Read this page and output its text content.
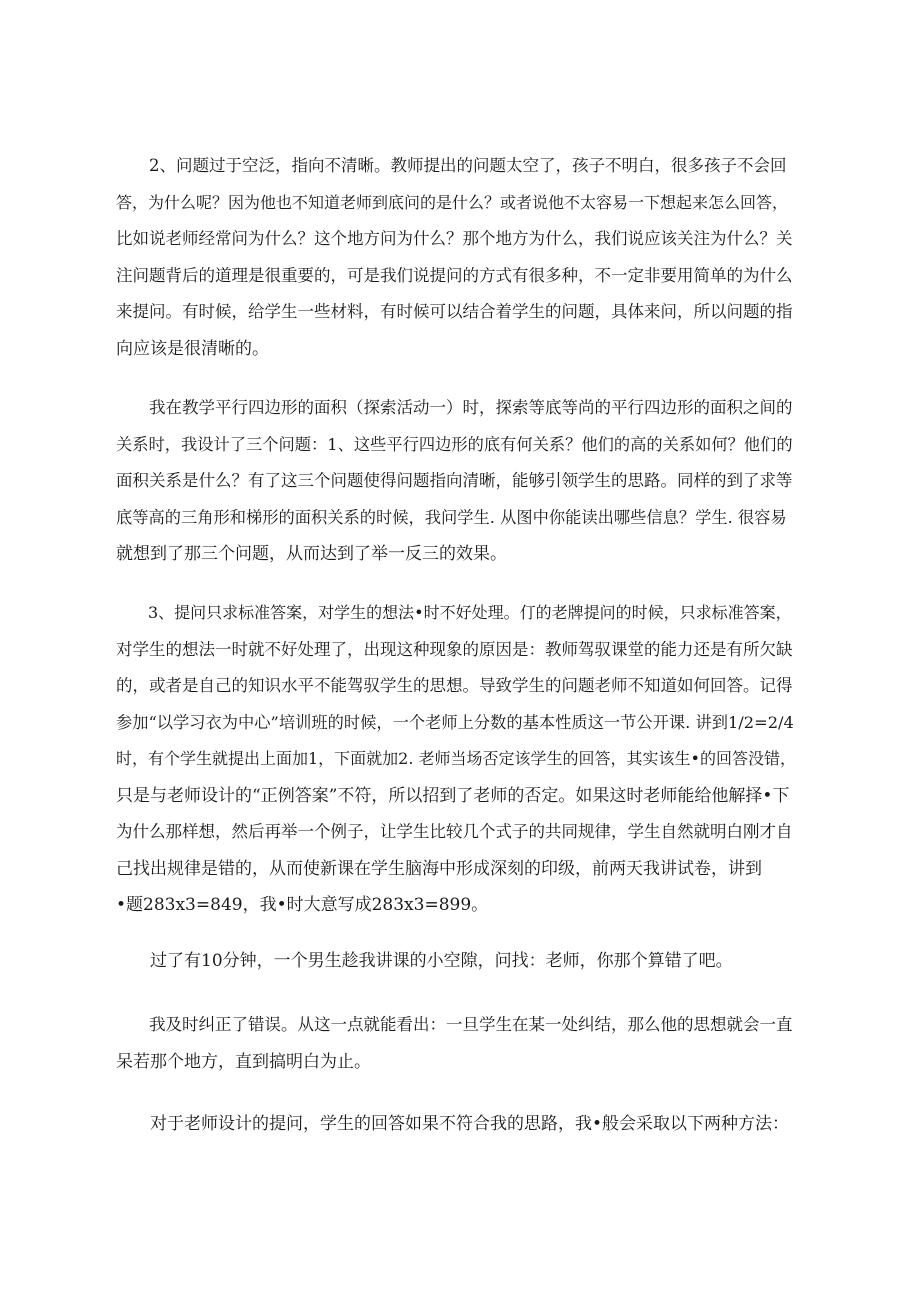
　　2、问题过于空泛，指向不清晰。教师提出的问题太空了，孩子不明白，很多孩子不会回
答，为什么呢？因为他也不知道老师到底问的是什么？或者说他不太容易一下想起来怎么回答，
比如说老师经常问为什么？这个地方问为什么？那个地方为什么，我们说应该关注为什么？关
注问题背后的道理是很重要的，可是我们说提问的方式有很多种，不一定非要用简单的为什么
来提问。有时候，给学生一些材料，有时候可以结合着学生的问题，具体来问，所以问题的指
向应该是很清晰的。
　　我在教学平行四边形的面积（探索活动一）时，探索等底等尚的平行四边形的面积之间的
关系时，我设计了三个问题：1、这些平行四边形的底有何关系？他们的高的关系如何？他们的
面积关系是什么？有了这三个问题使得问题指向清晰，能够引领学生的思路。同样的到了求等
底等高的三角形和梯形的面积关系的时候，我问学生. 从图中你能读出哪些信息？学生. 很容易
就想到了那三个问题，从而达到了举一反三的效果。
　　3、提问只求标准答案，对学生的想法•时不好处理。仃的老牌提问的时候，只求标准答案，
对学生的想法一时就不好处理了，出现这种现象的原因是：教师驾驭课堂的能力还是有所欠缺
的，或者是自己的知识水平不能驾驭学生的思想。导致学生的问题老师不知道如何回答。记得
参加“以学习衣为中心”培训班的时候，一个老师上分数的基本性质这一节公开课. 讲到1/2=2/4
时，有个学生就提出上面加1，下面就加2. 老师当场否定该学生的回答，其实该生•的回答没错，
只是与老师设计的“正例答案”不符，所以招到了老师的否定。如果这时老师能给他解择•下
为什么那样想，然后再举一个例子，让学生比较几个式子的共同规律，学生自然就明白刚才自
己找出规律是错的，从而使新课在学生脑海中形成深刻的印级，前两天我讲试卷，讲到
•题283x3=849，我•时大意写成283x3=899。
　　过了有10分钟，一个男生趁我讲课的小空隙，问找：老师，你那个算错了吧。
　　我及时纠正了错误。从这一点就能看出：一旦学生在某一处纠结，那么他的思想就会一直
呆若那个地方，直到搞明白为止。
　　对于老师设计的提问，学生的回答如果不符合我的思路，我•般会采取以下两种方法：
